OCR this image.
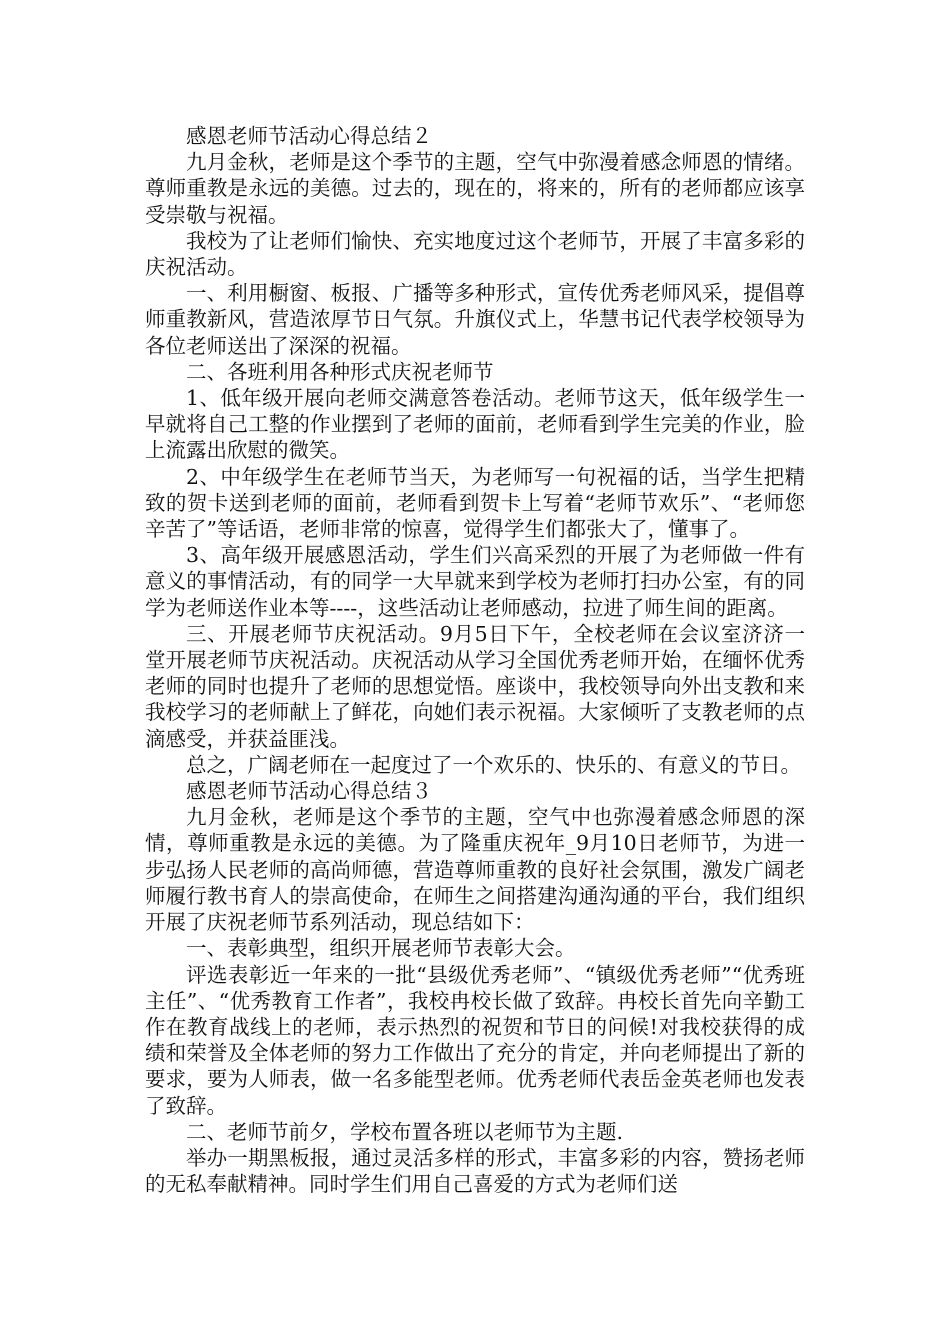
感恩老师节活动心得总结２

九月金秋，老师是这个季节的主题，空气中弥漫着感念师恩的情绪。尊师重教是永远的美德。过去的，现在的，将来的，所有的老师都应该享受崇敬与祝福。

我校为了让老师们愉快、充实地度过这个老师节，开展了丰富多彩的庆祝活动。

一、利用橱窗、板报、广播等多种形式，宣传优秀老师风采，提倡尊师重教新风，营造浓厚节日气氛。升旗仪式上，华慧书记代表学校领导为各位老师送出了深深的祝福。

二、各班利用各种形式庆祝老师节

1、低年级开展向老师交满意答卷活动。老师节这天，低年级学生一早就将自己工整的作业摆到了老师的面前，老师看到学生完美的作业，脸上流露出欣慰的微笑。

2、中年级学生在老师节当天，为老师写一句祝福的话，当学生把精致的贺卡送到老师的面前，老师看到贺卡上写着“老师节欢乐”、“老师您辛苦了”等话语，老师非常的惊喜，觉得学生们都张大了，懂事了。

3、高年级开展感恩活动，学生们兴高采烈的开展了为老师做一件有意义的事情活动，有的同学一大早就来到学校为老师打扫办公室，有的同学为老师送作业本等----，这些活动让老师感动，拉进了师生间的距离。

三、开展老师节庆祝活动。9月5日下午，全校老师在会议室济济一堂开展老师节庆祝活动。庆祝活动从学习全国优秀老师开始，在缅怀优秀老师的同时也提升了老师的思想觉悟。座谈中，我校领导向外出支教和来我校学习的老师献上了鲜花，向她们表示祝福。大家倾听了支教老师的点滴感受，并获益匪浅。

总之，广阔老师在一起度过了一个欢乐的、快乐的、有意义的节日。

感恩老师节活动心得总结３

九月金秋，老师是这个季节的主题，空气中也弥漫着感念师恩的深情，尊师重教是永远的美德。为了隆重庆祝年_9月10日老师节，为进一步弘扬人民老师的高尚师德，营造尊师重教的良好社会氛围，激发广阔老师履行教书育人的崇高使命，在师生之间搭建沟通沟通的平台，我们组织开展了庆祝老师节系列活动，现总结如下：

一、表彰典型，组织开展老师节表彰大会。

评选表彰近一年来的一批“县级优秀老师”、“镇级优秀老师”“优秀班主任”、“优秀教育工作者”，我校冉校长做了致辞。冉校长首先向辛勤工作在教育战线上的老师，表示热烈的祝贺和节日的问候!对我校获得的成绩和荣誉及全体老师的努力工作做出了充分的肯定，并向老师提出了新的要求，要为人师表，做一名多能型老师。优秀老师代表岳金英老师也发表了致辞。

二、老师节前夕，学校布置各班以老师节为主题.

举办一期黑板报，通过灵活多样的形式，丰富多彩的内容，赞扬老师的无私奉献精神。同时学生们用自己喜爱的方式为老师们送
